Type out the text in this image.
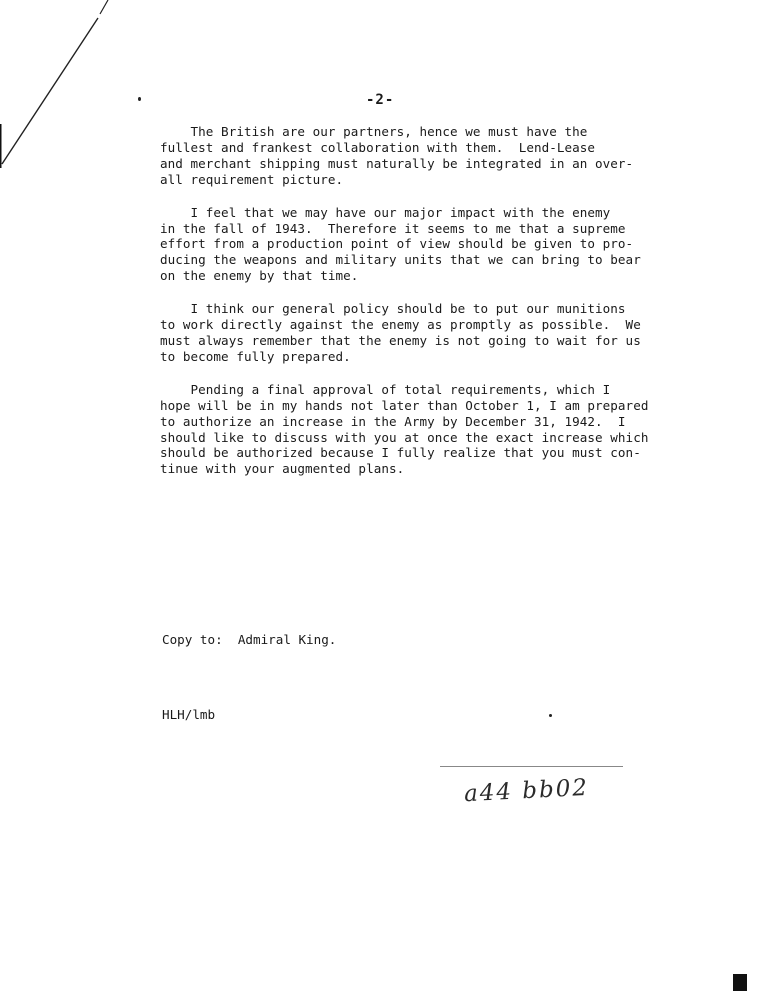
-2-

The British are our partners, hence we must have the
fullest and frankest collaboration with them.  Lend-Lease
and merchant shipping must naturally be integrated in an over-
all requirement picture.

I feel that we may have our major impact with the enemy
in the fall of 1943.  Therefore it seems to me that a supreme
effort from a production point of view should be given to pro-
ducing the weapons and military units that we can bring to bear
on the enemy by that time.

I think our general policy should be to put our munitions
to work directly against the enemy as promptly as possible.  We
must always remember that the enemy is not going to wait for us
to become fully prepared.

Pending a final approval of total requirements, which I
hope will be in my hands not later than October 1, I am prepared
to authorize an increase in the Army by December 31, 1942.  I
should like to discuss with you at once the exact increase which
should be authorized because I fully realize that you must con-
tinue with your augmented plans.

Copy to:  Admiral King.
HLH/lmb
a44 bb02
